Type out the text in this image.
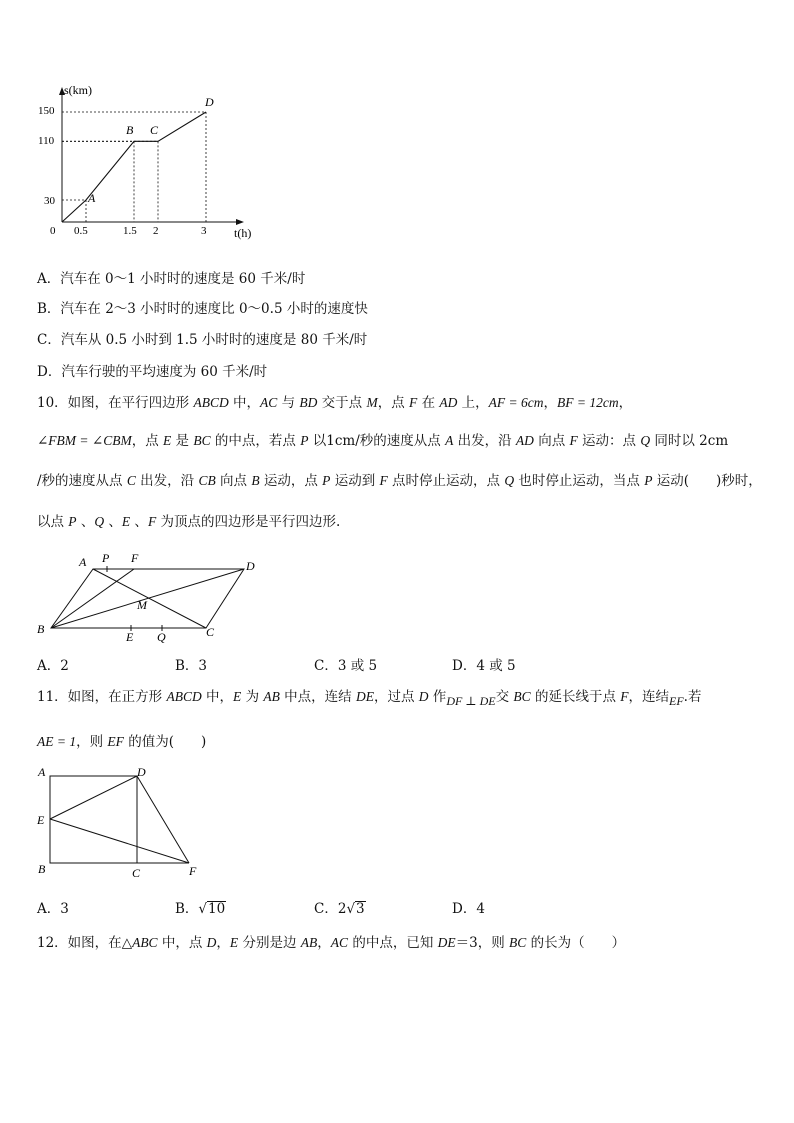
s(km)
t(h)
0
150
110
30
0.5	1.5 2	3
A
B C
D
A．汽车在 0～1 小时时的速度是 60 千米/时
B．汽车在 2～3 小时时的速度比 0～0.5 小时的速度快
C．汽车从 0.5 小时到 1.5 小时时的速度是 80 千米/时
D．汽车行驶的平均速度为 60 千米/时
10．如图，在平行四边形 ABCD 中，AC 与 BD 交于点 M，点 F 在 AD 上，AF = 6cm，BF = 12cm，
∠FBM = ∠CBM，点 E 是 BC 的中点，若点 P 以1cm/秒的速度从点 A 出发，沿 AD 向点 F 运动：点 Q 同时以 2cm
/秒的速度从点 C 出发，沿 CB 向点 B 运动，点 P 运动到 F 点时停止运动，点 Q 也时停止运动，当点 P 运动(　　)秒时，
以点 P 、Q 、E 、F 为顶点的四边形是平行四边形.
A P F
D
M
B
E Q	C
A．2	B．3	C．3 或 5	D．4 或 5
11．如图，在正方形 ABCD 中，E 为 AB 中点，连结 DE，过点 D 作DF ⊥ DE交 BC 的延长线于点 F，连结EF.若
AE = 1，则 EF 的值为(　　)
A	D
E
B	C	F
A．3	B．√10	C．2√3	D．4
12．如图，在△ABC 中，点 D，E 分别是边 AB，AC 的中点，已知 DE＝3，则 BC 的长为（　　）
